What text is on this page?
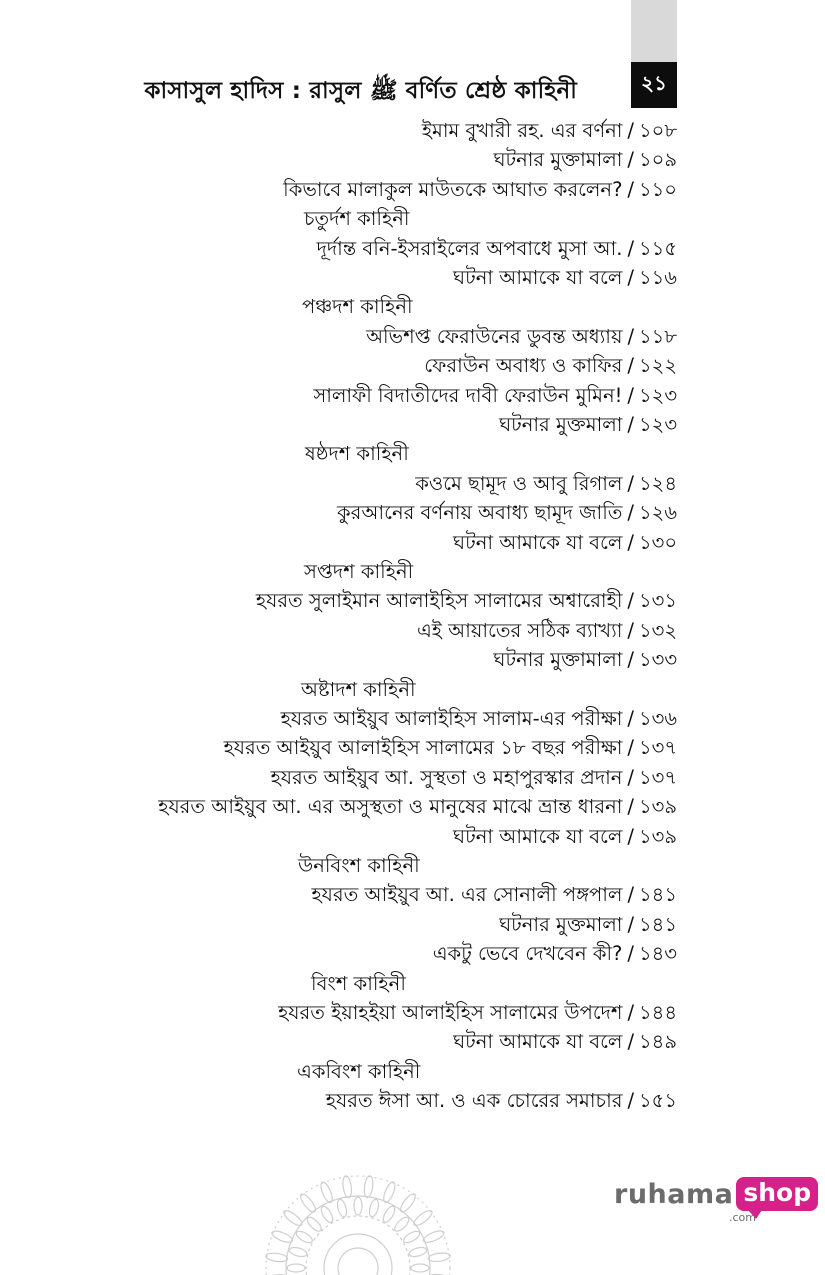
২১
কাসাসুল হাদিস : রাসুল ﷺ বর্ণিত শ্রেষ্ঠ কাহিনী
ইমাম বুখারী রহ. এর বর্ণনা / ১০৮
ঘটনার মুক্তামালা / ১০৯
কিভাবে মালাকুল মাউতকে আঘাত করলেন? / ১১০
চতুর্দশ কাহিনী
দূর্দান্ত বনি-ইসরাইলের অপবাধে মুসা আ. / ১১৫
ঘটনা আমাকে যা বলে / ১১৬
পঞ্চদশ কাহিনী
অভিশপ্ত ফেরাউনের ডুবন্ত অধ্যায় / ১১৮
ফেরাউন অবাধ্য ও কাফির / ১২২
সালাফী বিদাতীদের দাবী ফেরাউন মুমিন! / ১২৩
ঘটনার মুক্তমালা / ১২৩
ষষ্ঠদশ কাহিনী
কওমে ছামূদ ও আবু রিগাল / ১২৪
কুরআনের বর্ণনায় অবাধ্য ছামূদ জাতি / ১২৬
ঘটনা আমাকে যা বলে / ১৩০
সপ্তদশ কাহিনী
হযরত সুলাইমান আলাইহিস সালামের অশ্বারোহী / ১৩১
এই আয়াতের সঠিক ব্যাখ্যা / ১৩২
ঘটনার মুক্তামালা / ১৩৩
অষ্টাদশ কাহিনী
হযরত আইয়ুব আলাইহিস সালাম-এর পরীক্ষা / ১৩৬
হযরত আইয়ুব আলাইহিস সালামের ১৮ বছর পরীক্ষা / ১৩৭
হযরত আইয়ুব আ. সুস্থতা ও মহাপুরস্কার প্রদান / ১৩৭
হযরত আইয়ুব আ. এর অসুস্থতা ও মানুষের মাঝে ভ্রান্ত ধারনা / ১৩৯
ঘটনা আমাকে যা বলে / ১৩৯
উনবিংশ কাহিনী
হযরত আইয়ুব আ. এর সোনালী পঙ্গপাল / ১৪১
ঘটনার মুক্তমালা / ১৪১
একটু ভেবে দেখবেন কী? / ১৪৩
বিংশ কাহিনী
হযরত ইয়াহইয়া আলাইহিস সালামের উপদেশ / ১৪৪
ঘটনা আমাকে যা বলে / ১৪৯
একবিংশ কাহিনী
হযরত ঈসা আ. ও এক চোরের সমাচার / ১৫১
ruhama shop
.com
